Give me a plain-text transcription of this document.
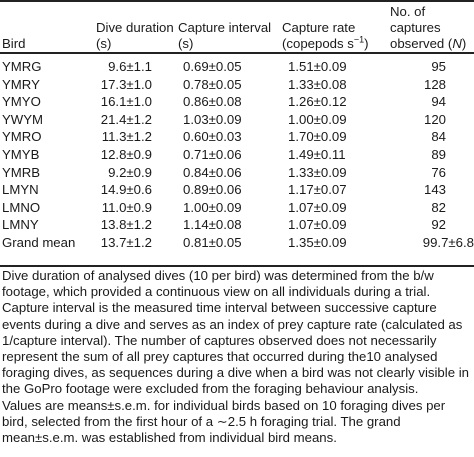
Bird	Dive duration (s)	Capture interval (s)	Capture rate (copepods $s^{-1}$)	No. of
captures
observed (N)
YMRG	9.6±1.1	0.69±0.05	1.51±0.09	95
YMRY	17.3±1.0	0.78±0.05	1.33±0.08	128
YMYO	16.1±1.0	0.86±0.08	1.26±0.12	94
YWYM	21.4±1.2	1.03±0.09	1.00±0.09	120
YMRO	11.3±1.2	0.60±0.03	1.70±0.09	84
YMYB	12.8±0.9	0.71±0.06	1.49±0.11	89
YMRB	9.2±0.9	0.84±0.06	1.33±0.09	76
LMYN	14.9±0.6	0.89±0.06	1.17±0.07	143
LMNO	11.0±0.9	1.00±0.09	1.07±0.09	82
LMNY	13.8±1.2	1.14±0.08	1.07±0.09	92
Grand mean	13.7±1.2	0.81±0.05	1.35±0.09	99.7±6.8

Dive duration of analysed dives (10 per bird) was determined from the b/w footage, which provided a continuous view on all individuals during a trial.

Capture interval is the measured time interval between successive capture events during a dive and serves as an index of prey capture rate (calculated as 1/capture interval). The number of captures observed does not necessarily represent the sum of all prey captures that occurred during the10 analysed foraging dives, as sequences during a dive when a bird was not clearly visible in the GoPro footage were excluded from the foraging behaviour analysis.

Values are means±s.e.m. for individual birds based on 10 foraging dives per bird, selected from the first hour of a ∼2.5 h foraging trial. The grand mean±s.e.m. was established from individual bird means.
